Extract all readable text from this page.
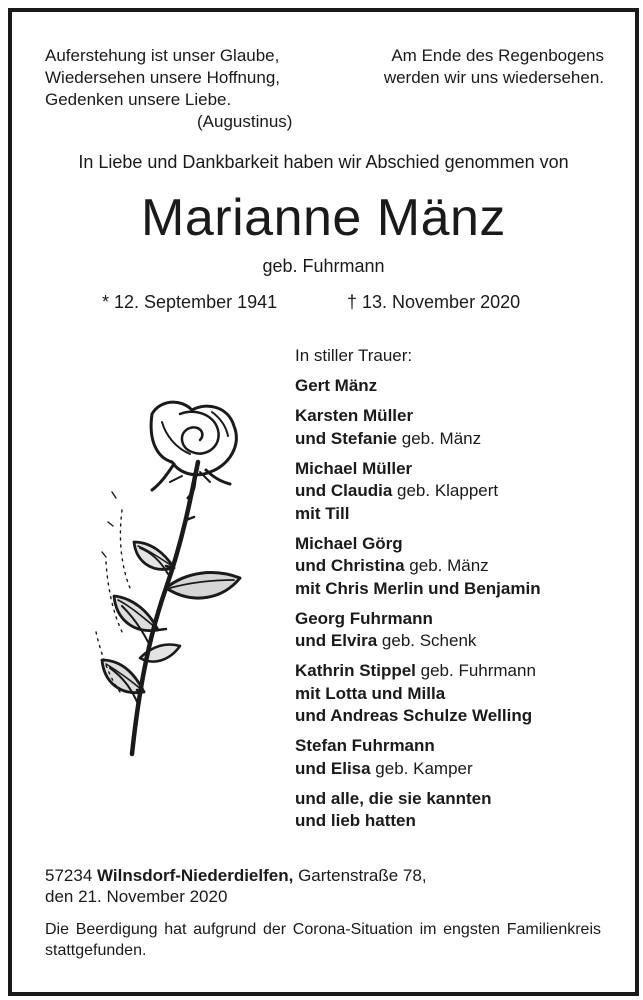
Auferstehung ist unser Glaube,
Wiedersehen unsere Hoffnung,
Gedenken unsere Liebe.
(Augustinus)
Am Ende des Regenbogens
werden wir uns wiedersehen.
In Liebe und Dankbarkeit haben wir Abschied genommen von
Marianne Mänz
geb. Fuhrmann
* 12. September 1941	† 13. November 2020
In stiller Trauer:
Gert Mänz
Karsten Müller
und Stefanie geb. Mänz
Michael Müller
und Claudia geb. Klappert
mit Till
Michael Görg
und Christina geb. Mänz
mit Chris Merlin und Benjamin
Georg Fuhrmann
und Elvira geb. Schenk
Kathrin Stippel geb. Fuhrmann
mit Lotta und Milla
und Andreas Schulze Welling
Stefan Fuhrmann
und Elisa geb. Kamper
und alle, die sie kannten
und lieb hatten
57234 Wilnsdorf-Niederdielfen, Gartenstraße 78,
den 21. November 2020
Die Beerdigung hat aufgrund der Corona-Situation im engsten Familienkreis stattgefunden.
